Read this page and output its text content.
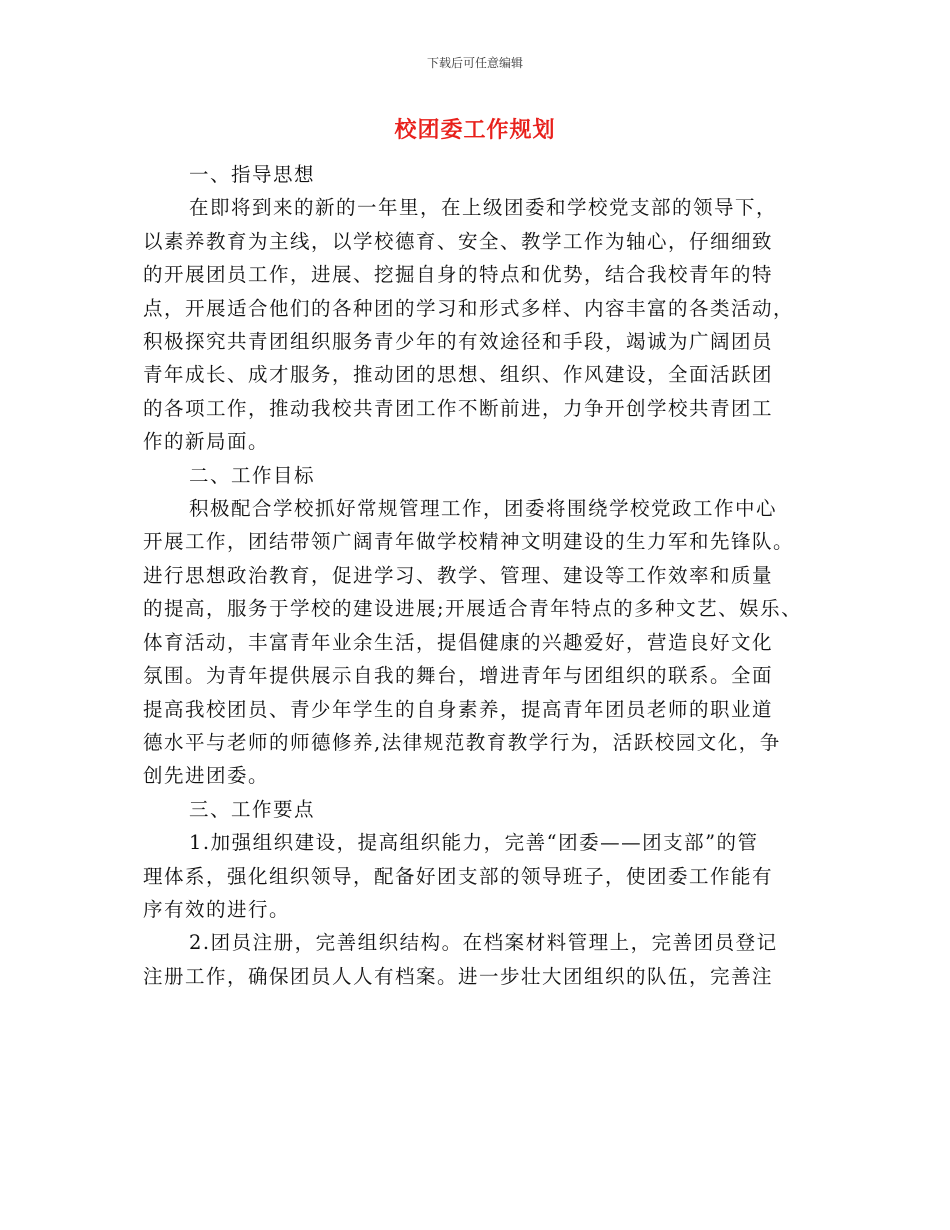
下载后可任意编辑
校团委工作规划

一、指导思想

在即将到来的新的一年里，在上级团委和学校党支部的领导下，
以素养教育为主线，以学校德育、安全、教学工作为轴心，仔细细致
的开展团员工作，进展、挖掘自身的特点和优势，结合我校青年的特
点，开展适合他们的各种团的学习和形式多样、内容丰富的各类活动，
积极探究共青团组织服务青少年的有效途径和手段，竭诚为广阔团员
青年成长、成才服务，推动团的思想、组织、作风建设，全面活跃团
的各项工作，推动我校共青团工作不断前进，力争开创学校共青团工
作的新局面。

二、工作目标

积极配合学校抓好常规管理工作，团委将围绕学校党政工作中心
开展工作，团结带领广阔青年做学校精神文明建设的生力军和先锋队。
进行思想政治教育，促进学习、教学、管理、建设等工作效率和质量
的提高，服务于学校的建设进展;开展适合青年特点的多种文艺、娱乐、
体育活动，丰富青年业余生活，提倡健康的兴趣爱好，营造良好文化
氛围。为青年提供展示自我的舞台，增进青年与团组织的联系。全面
提高我校团员、青少年学生的自身素养，提高青年团员老师的职业道
德水平与老师的师德修养,法律规范教育教学行为，活跃校园文化，争
创先进团委。

三、工作要点

1.加强组织建设，提高组织能力，完善“团委——团支部”的管
理体系，强化组织领导，配备好团支部的领导班子，使团委工作能有
序有效的进行。
2.团员注册，完善组织结构。在档案材料管理上，完善团员登记
注册工作，确保团员人人有档案。进一步壮大团组织的队伍，完善注
